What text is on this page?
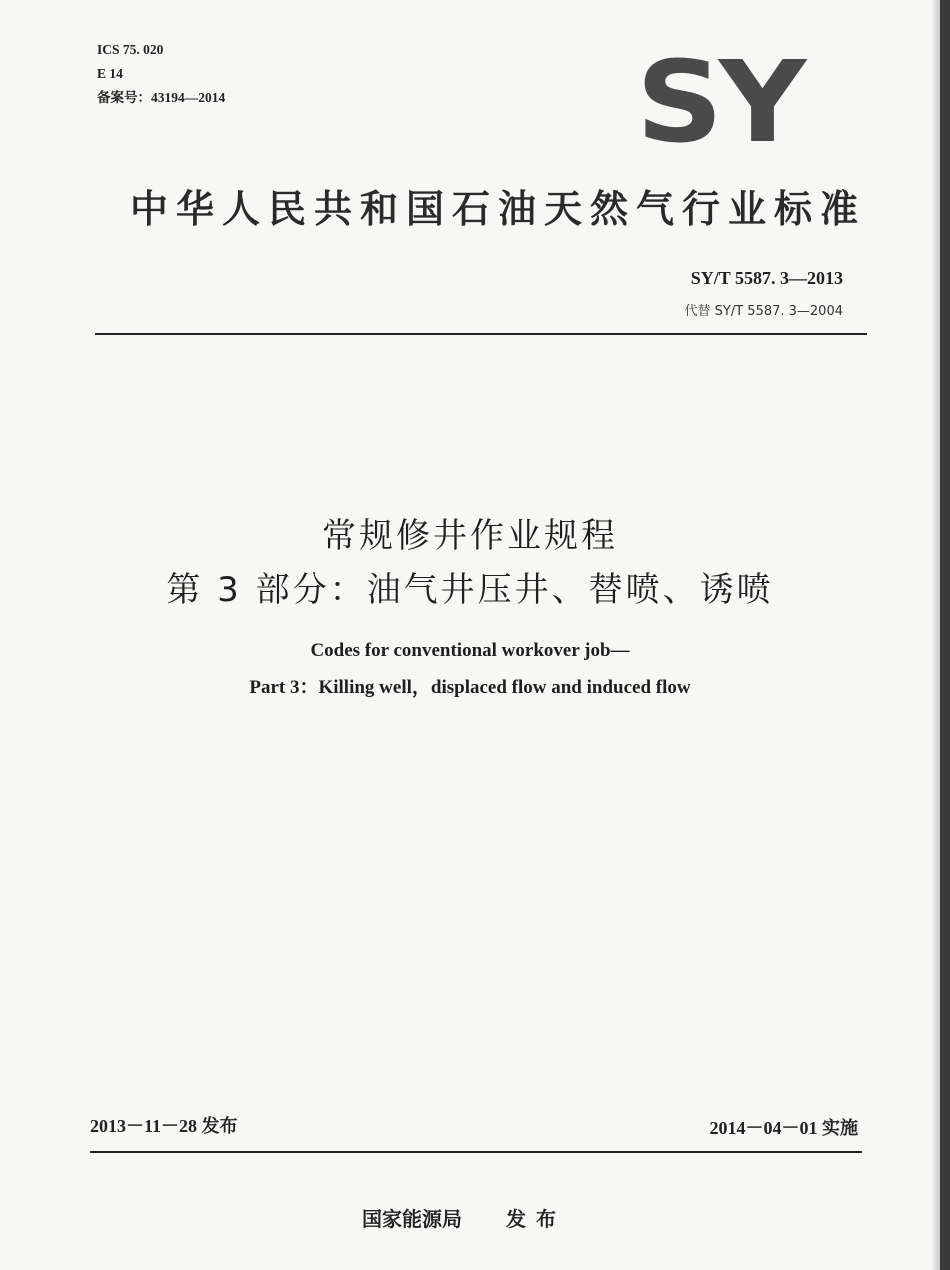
ICS 75. 020
E 14
备案号：43194—2014	SY
中华人民共和国石油天然气行业标准
SY/T 5587. 3—2013
代替 SY/T 5587. 3—2004
常规修井作业规程
第 3 部分：油气井压井、替喷、诱喷
Codes for conventional workover job—
Part 3：Killing well，displaced flow and induced flow
2013－11－28 发布	2014－04－01 实施
国家能源局 发布
